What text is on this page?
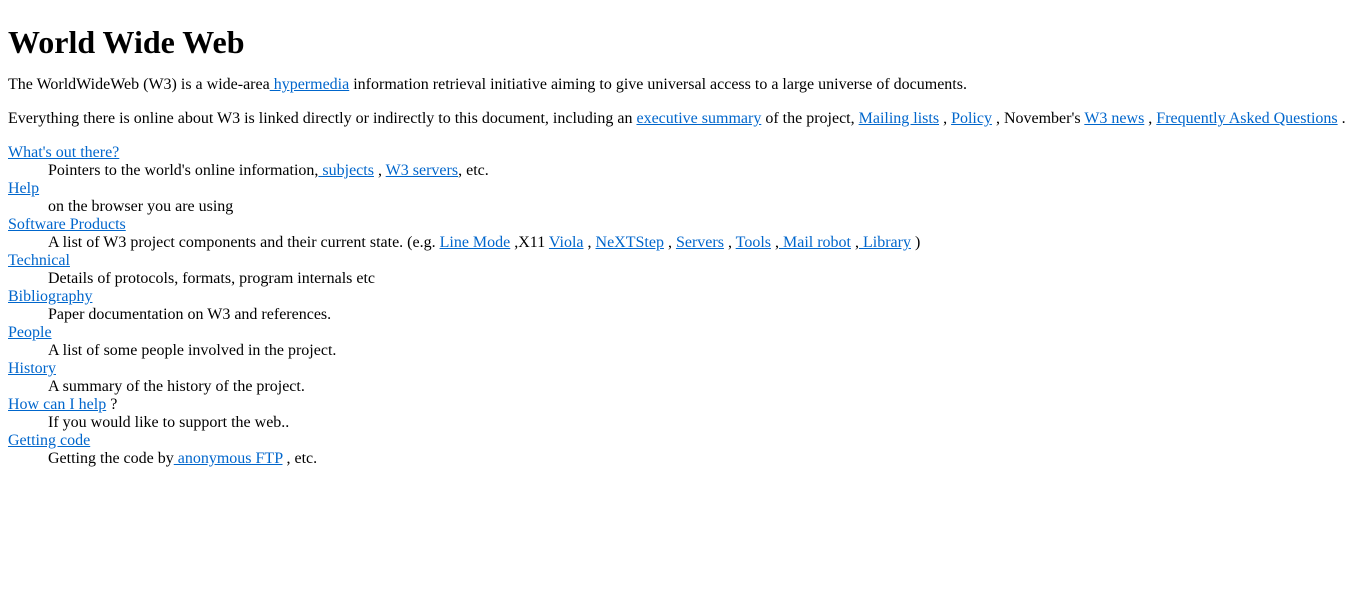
World Wide Web

The WorldWideWeb (W3) is a wide-area hypermedia information retrieval initiative aiming to give universal access to a large universe of documents.

Everything there is online about W3 is linked directly or indirectly to this document, including an executive summary of the project, Mailing lists , Policy , November's W3 news , Frequently Asked Questions .

What's out there?
Pointers to the world's online information, subjects , W3 servers, etc.
Help
on the browser you are using
Software Products
A list of W3 project components and their current state. (e.g. Line Mode ,X11 Viola , NeXTStep , Servers , Tools , Mail robot , Library )
Technical
Details of protocols, formats, program internals etc
Bibliography
Paper documentation on W3 and references.
People
A list of some people involved in the project.
History
A summary of the history of the project.
How can I help ?
If you would like to support the web..
Getting code
Getting the code by anonymous FTP , etc.
